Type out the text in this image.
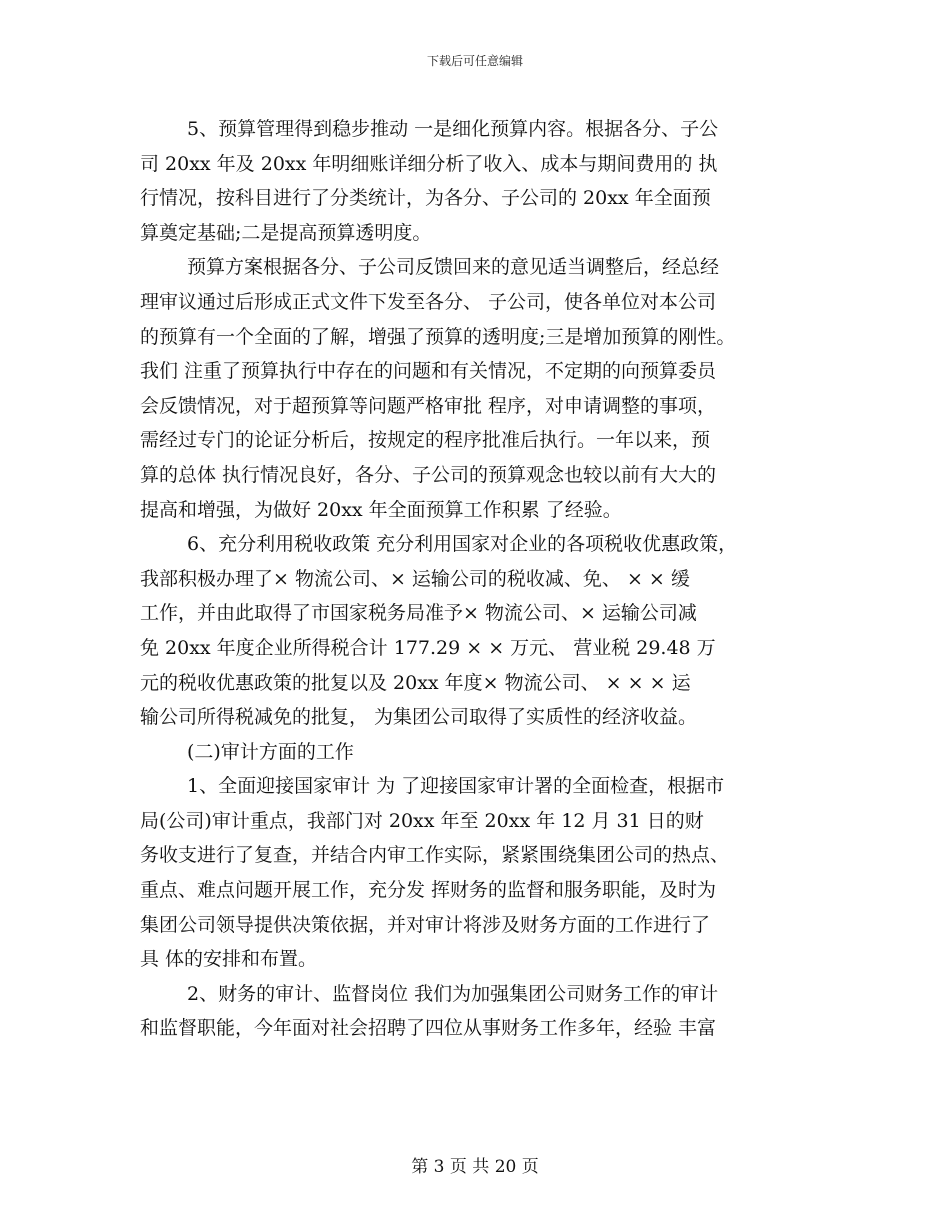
下载后可任意编辑
5、预算管理得到稳步推动 一是细化预算内容。根据各分、子公
司 20xx 年及 20xx 年明细账详细分析了收入、成本与期间费用的 执
行情况，按科目进行了分类统计，为各分、子公司的 20xx 年全面预
算奠定基础;二是提高预算透明度。
预算方案根据各分、子公司反馈回来的意见适当调整后，经总经
理审议通过后形成正式文件下发至各分、 子公司，使各单位对本公司
的预算有一个全面的了解，增强了预算的透明度;三是增加预算的刚性。
我们 注重了预算执行中存在的问题和有关情况，不定期的向预算委员
会反馈情况，对于超预算等问题严格审批 程序，对申请调整的事项，
需经过专门的论证分析后，按规定的程序批准后执行。一年以来，预
算的总体 执行情况良好，各分、子公司的预算观念也较以前有大大的
提高和增强，为做好 20xx 年全面预算工作积累 了经验。
6、充分利用税收政策 充分利用国家对企业的各项税收优惠政策，
我部积极办理了× 物流公司、× 运输公司的税收减、免、 × × 缓
工作，并由此取得了市国家税务局准予× 物流公司、× 运输公司减
免 20xx 年度企业所得税合计 177.29 × × 万元、 营业税 29.48 万
元的税收优惠政策的批复以及 20xx 年度× 物流公司、 × × × 运
输公司所得税减免的批复， 为集团公司取得了实质性的经济收益。
(二)审计方面的工作
1、全面迎接国家审计 为 了迎接国家审计署的全面检查，根据市
局(公司)审计重点，我部门对 20xx 年至 20xx 年 12 月 31 日的财
务收支进行了复查，并结合内审工作实际，紧紧围绕集团公司的热点、
重点、难点问题开展工作，充分发 挥财务的监督和服务职能，及时为
集团公司领导提供决策依据，并对审计将涉及财务方面的工作进行了
具 体的安排和布置。
2、财务的审计、监督岗位 我们为加强集团公司财务工作的审计
和监督职能，今年面对社会招聘了四位从事财务工作多年，经验 丰富
第 3 页 共 20 页
